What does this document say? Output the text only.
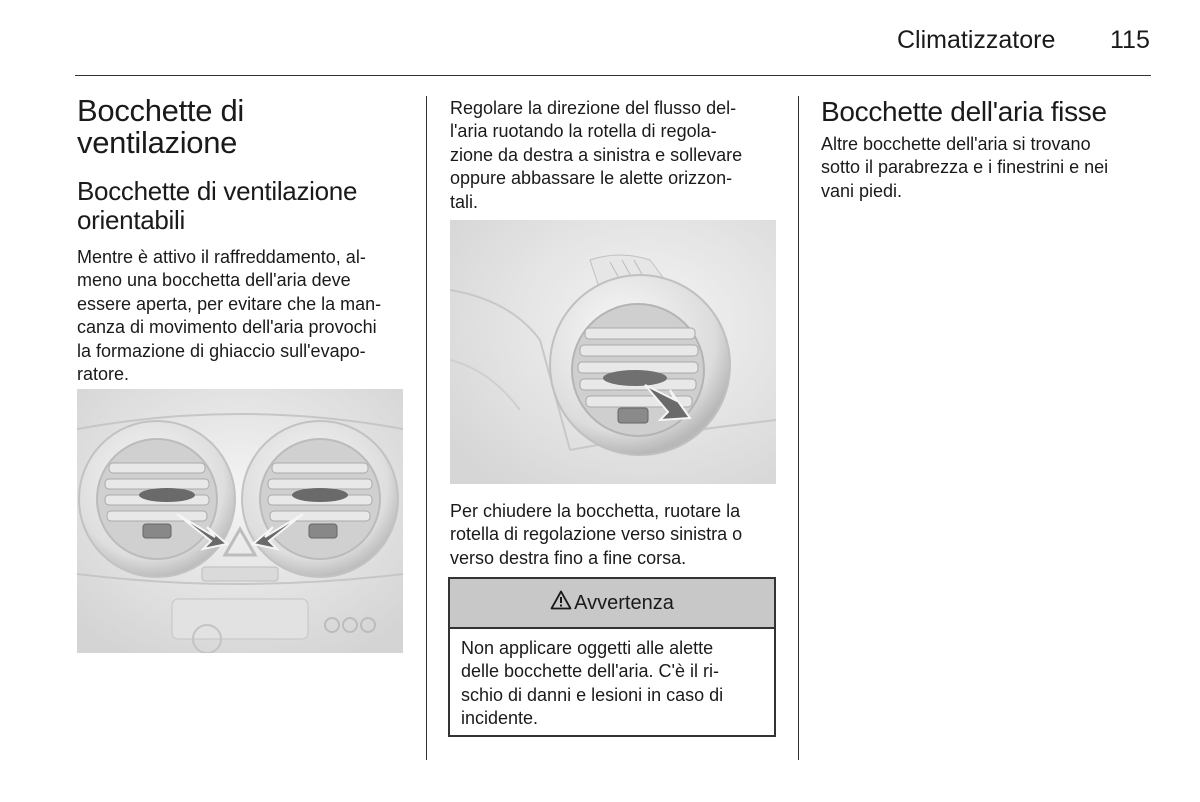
Climatizzatore 115
Bocchette di
ventilazione
Bocchette di ventilazione
orientabili
Mentre è attivo il raffreddamento, al-
meno una bocchetta dell'aria deve
essere aperta, per evitare che la man-
canza di movimento dell'aria provochi
la formazione di ghiaccio sull'evapo-
ratore.
Regolare la direzione del flusso del-
l'aria ruotando la rotella di regola-
zione da destra a sinistra e sollevare
oppure abbassare le alette orizzon-
tali.
Per chiudere la bocchetta, ruotare la
rotella di regolazione verso sinistra o
verso destra fino a fine corsa.
Avvertenza
Non applicare oggetti alle alette
delle bocchette dell'aria. C'è il ri-
schio di danni e lesioni in caso di
incidente.
Bocchette dell'aria fisse
Altre bocchette dell'aria si trovano
sotto il parabrezza e i finestrini e nei
vani piedi.
